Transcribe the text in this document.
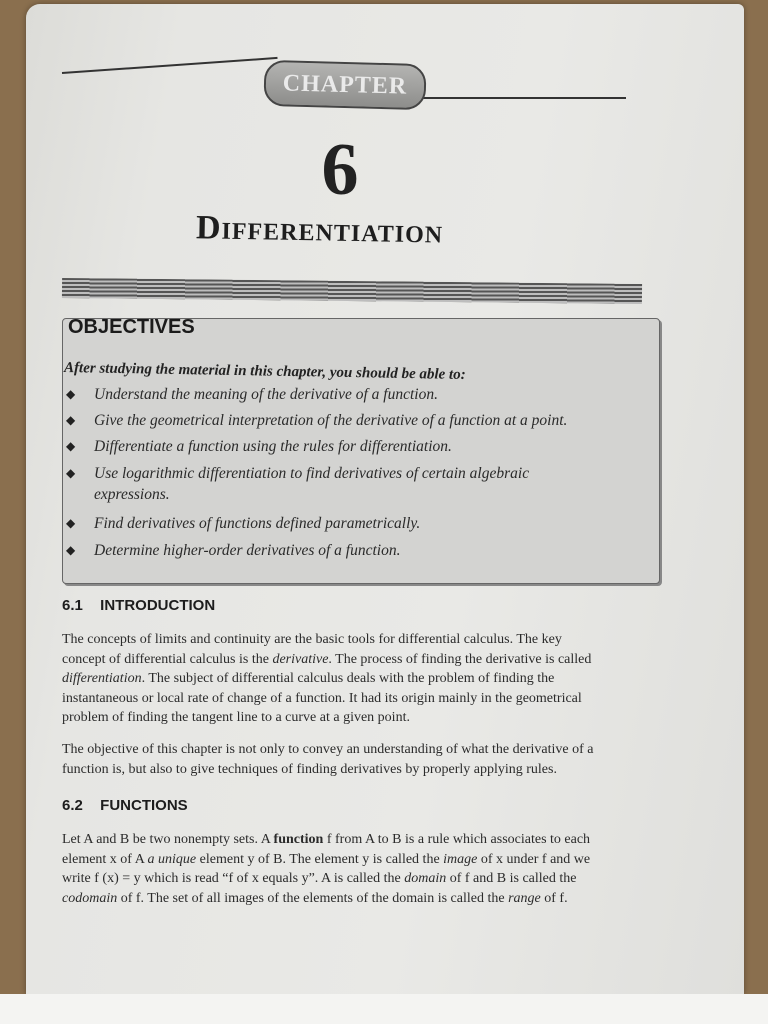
CHAPTER
6
Differentiation
OBJECTIVES
After studying the material in this chapter, you should be able to:
◆ Understand the meaning of the derivative of a function.
◆ Give the geometrical interpretation of the derivative of a function at a point.
◆ Differentiate a function using the rules for differentiation.
◆ Use logarithmic differentiation to find derivatives of certain algebraic
expressions.
◆ Find derivatives of functions defined parametrically.
◆ Determine higher-order derivatives of a function.
6.1 INTRODUCTION
The concepts of limits and continuity are the basic tools for differential calculus. The key
concept of differential calculus is the derivative. The process of finding the derivative is called
differentiation. The subject of differential calculus deals with the problem of finding the
instantaneous or local rate of change of a function. It had its origin mainly in the geometrical
problem of finding the tangent line to a curve at a given point.
The objective of this chapter is not only to convey an understanding of what the derivative of a
function is, but also to give techniques of finding derivatives by properly applying rules.
6.2 FUNCTIONS
Let A and B be two nonempty sets. A function f from A to B is a rule which associates to each
element x of A a unique element y of B. The element y is called the image of x under f and we
write f (x) = y which is read “f of x equals y”. A is called the domain of f and B is called the
codomain of f. The set of all images of the elements of the domain is called the range of f.
